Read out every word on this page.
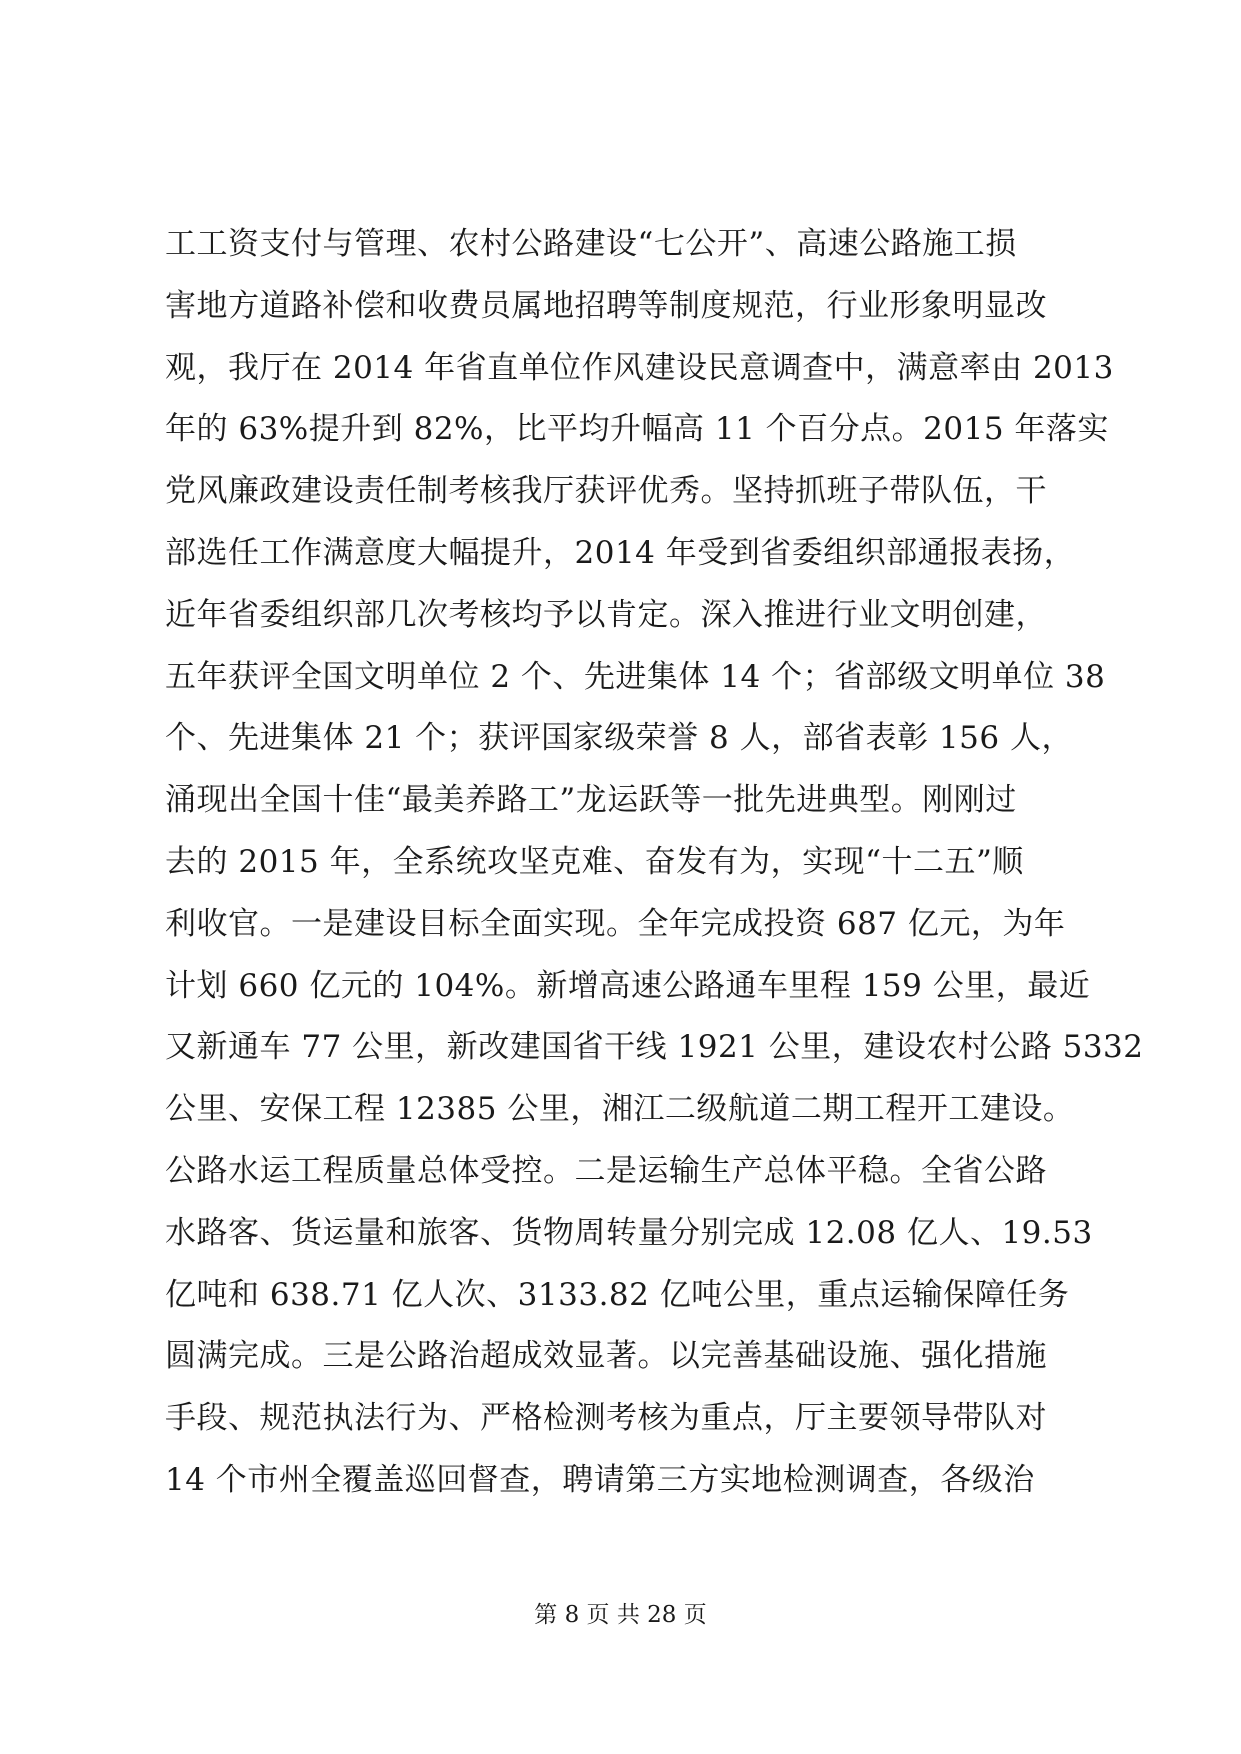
工工资支付与管理、农村公路建设“七公开”、高速公路施工损
害地方道路补偿和收费员属地招聘等制度规范，行业形象明显改
观，我厅在 2014 年省直单位作风建设民意调查中，满意率由 2013
年的 63%提升到 82%，比平均升幅高 11 个百分点。2015 年落实
党风廉政建设责任制考核我厅获评优秀。坚持抓班子带队伍，干
部选任工作满意度大幅提升，2014 年受到省委组织部通报表扬，
近年省委组织部几次考核均予以肯定。深入推进行业文明创建，
五年获评全国文明单位 2 个、先进集体 14 个；省部级文明单位 38
个、先进集体 21 个；获评国家级荣誉 8 人，部省表彰 156 人，
涌现出全国十佳“最美养路工”龙运跃等一批先进典型。刚刚过
去的 2015 年，全系统攻坚克难、奋发有为，实现“十二五”顺
利收官。一是建设目标全面实现。全年完成投资 687 亿元，为年
计划 660 亿元的 104%。新增高速公路通车里程 159 公里，最近
又新通车 77 公里，新改建国省干线 1921 公里，建设农村公路 5332
公里、安保工程 12385 公里，湘江二级航道二期工程开工建设。
公路水运工程质量总体受控。二是运输生产总体平稳。全省公路
水路客、货运量和旅客、货物周转量分别完成 12.08 亿人、19.53
亿吨和 638.71 亿人次、3133.82 亿吨公里，重点运输保障任务
圆满完成。三是公路治超成效显著。以完善基础设施、强化措施
手段、规范执法行为、严格检测考核为重点，厅主要领导带队对
14 个市州全覆盖巡回督查，聘请第三方实地检测调查，各级治
第 8 页 共 28 页
